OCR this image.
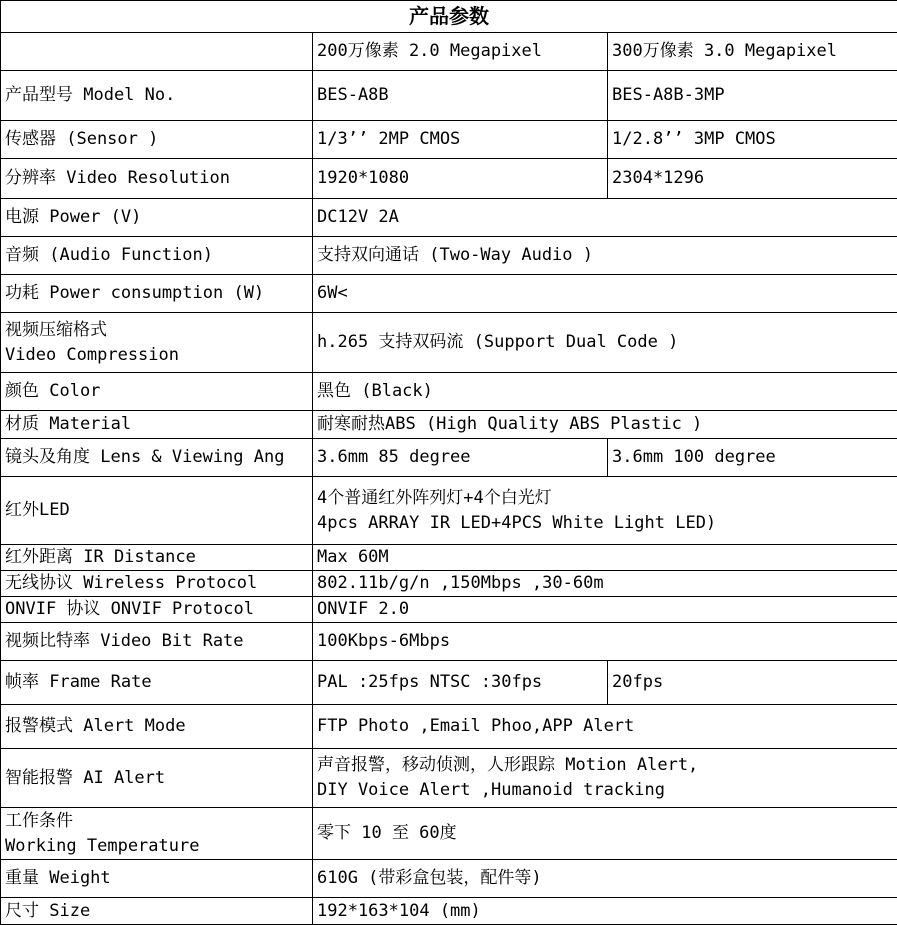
产品参数		
	200万像素 2.0 Megapixel	300万像素 3.0 Megapixel
产品型号 Model No.	BES-A8B	BES-A8B-3MP
传感器 (Sensor )	1/3’’ 2MP CMOS	1/2.8’’ 3MP CMOS
分辨率 Video Resolution	1920*1080	2304*1296
电源 Power (V)	DC12V 2A	
音频 (Audio Function)	支持双向通话 (Two-Way Audio )	
功耗 Power consumption (W)	6W<	

视频压缩格式
Video Compression	h.265 支持双码流 (Support Dual Code )	
颜色 Color	黑色 (Black)	
材质 Material	耐寒耐热ABS (High Quality ABS Plastic )	
镜头及角度 Lens & Viewing Ang	3.6mm 85 degree	3.6mm 100 degree
红外LED	4个普通红外阵列灯+4个白光灯
4pcs ARRAY IR LED+4PCS White Light LED)	

红外距离 IR Distance	Max 60M	
无线协议 Wireless Protocol	802.11b/g/n ,150Mbps ,30-60m	
ONVIF 协议 ONVIF Protocol	ONVIF 2.0	
视频比特率 Video Bit Rate	100Kbps-6Mbps	
帧率 Frame Rate	PAL :25fps NTSC :30fps	20fps
报警模式 Alert Mode	FTP Photo ,Email Phoo,APP Alert	
智能报警 AI Alert	声音报警，移动侦测，人形跟踪 Motion Alert,
DIY Voice Alert ,Humanoid tracking	

工作条件
Working Temperature	零下 10 至 60度	
重量 Weight	610G (带彩盒包装，配件等)	
尺寸 Size	192*163*104 (mm)	
